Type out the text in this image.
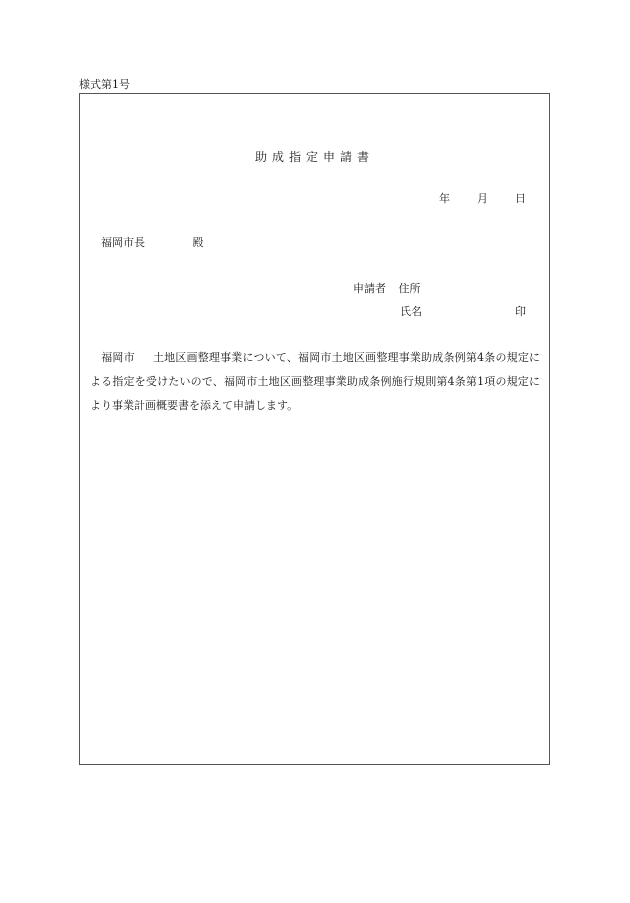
様式第1号
助成指定申請書
年 月 日
福岡市長	殿
申請者 住所
氏名	印
　福岡市 土地区画整理事業について、福岡市土地区画整理事業助成条例第4条の規定による指定を受けたいので、福岡市土地区画整理事業助成条例施行規則第4条第1項の規定により事業計画概要書を添えて申請します。
